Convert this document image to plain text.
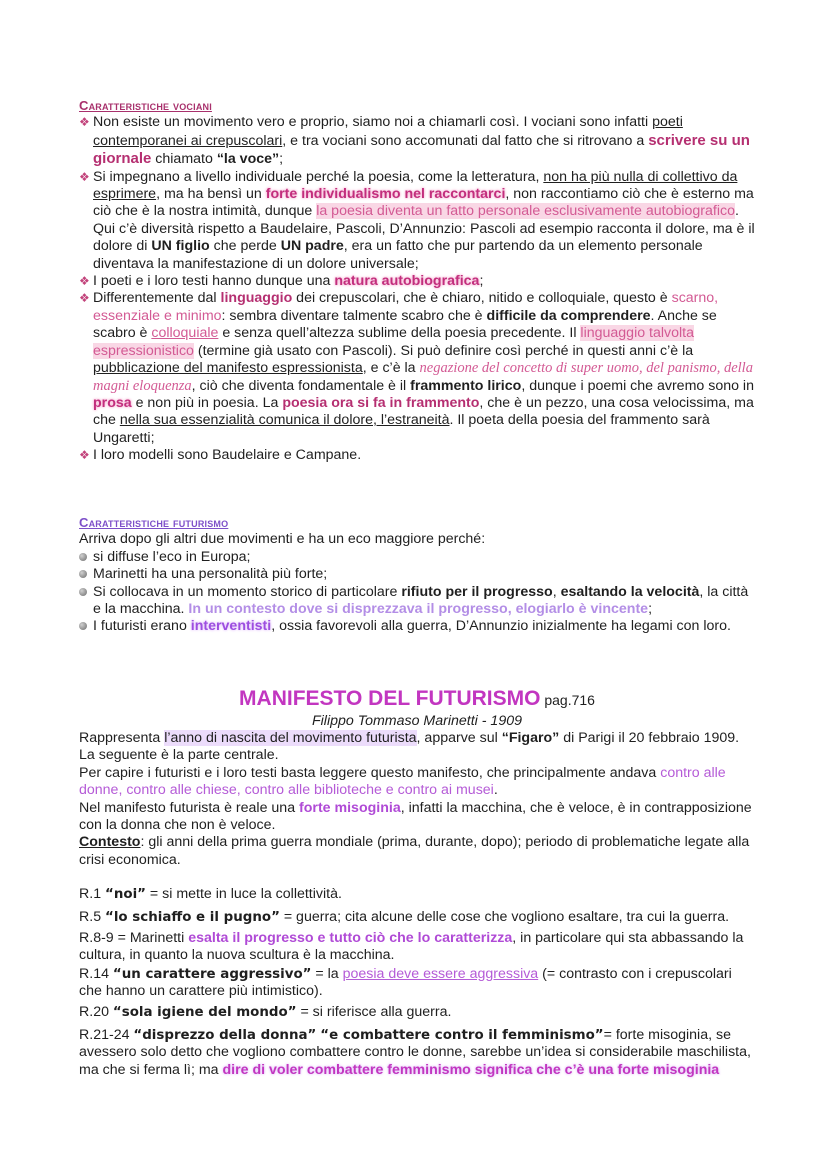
Caratteristiche vociani
❖ Non esiste un movimento vero e proprio, siamo noi a chiamarli così. I vociani sono infatti poeti contemporanei ai crepuscolari, e tra vociani sono accomunati dal fatto che si ritrovano a scrivere su un giornale chiamato “la voce”;
❖ Si impegnano a livello individuale perché la poesia, come la letteratura, non ha più nulla di collettivo da esprimere, ma ha bensì un forte individualismo nel raccontarci, non raccontiamo ciò che è esterno ma ciò che è la nostra intimità, dunque la poesia diventa un fatto personale esclusivamente autobiografico. Qui c’è diversità rispetto a Baudelaire, Pascoli, D’Annunzio: Pascoli ad esempio racconta il dolore, ma è il dolore di UN figlio che perde UN padre, era un fatto che pur partendo da un elemento personale diventava la manifestazione di un dolore universale;
❖ I poeti e i loro testi hanno dunque una natura autobiografica;
❖ Differentemente dal linguaggio dei crepuscolari, che è chiaro, nitido e colloquiale, questo è scarno, essenziale e minimo: sembra diventare talmente scabro che è difficile da comprendere. Anche se scabro è colloquiale e senza quell’altezza sublime della poesia precedente. Il linguaggio talvolta espressionistico (termine già usato con Pascoli). Si può definire così perché in questi anni c’è la pubblicazione del manifesto espressionista, e c’è la negazione del concetto di super uomo, del panismo, della magni eloquenza, ciò che diventa fondamentale è il frammento lirico, dunque i poemi che avremo sono in prosa e non più in poesia. La poesia ora si fa in frammento, che è un pezzo, una cosa velocissima, ma che nella sua essenzialità comunica il dolore, l’estraneità. Il poeta della poesia del frammento sarà Ungaretti;
❖ I loro modelli sono Baudelaire e Campane.
Caratteristiche futurismo
Arriva dopo gli altri due movimenti e ha un eco maggiore perché:
si diffuse l’eco in Europa;
Marinetti ha una personalità più forte;
Si collocava in un momento storico di particolare rifiuto per il progresso, esaltando la velocità, la città e la macchina. In un contesto dove si disprezzava il progresso, elogiarlo è vincente;
I futuristi erano interventisti, ossia favorevoli alla guerra, D’Annunzio inizialmente ha legami con loro.
MANIFESTO DEL FUTURISMO pag.716
Filippo Tommaso Marinetti - 1909
Rappresenta l’anno di nascita del movimento futurista, apparve sul “Figaro” di Parigi il 20 febbraio 1909. La seguente è la parte centrale.
Per capire i futuristi e i loro testi basta leggere questo manifesto, che principalmente andava contro alle donne, contro alle chiese, contro alle biblioteche e contro ai musei.
Nel manifesto futurista è reale una forte misoginia, infatti la macchina, che è veloce, è in contrapposizione con la donna che non è veloce.
Contesto: gli anni della prima guerra mondiale (prima, durante, dopo); periodo di problematiche legate alla crisi economica.
R.1 “noi” = si mette in luce la collettività.
R.5 “lo schiaffo e il pugno” = guerra; cita alcune delle cose che vogliono esaltare, tra cui la guerra.
R.8-9 = Marinetti esalta il progresso e tutto ciò che lo caratterizza, in particolare qui sta abbassando la cultura, in quanto la nuova scultura è la macchina.
R.14 “un carattere aggressivo” = la poesia deve essere aggressiva (= contrasto con i crepuscolari che hanno un carattere più intimistico).
R.20 “sola igiene del mondo” = si riferisce alla guerra.
R.21-24 “disprezzo della donna” “e combattere contro il femminismo”= forte misoginia, se avessero solo detto che vogliono combattere contro le donne, sarebbe un’idea si considerabile maschilista, ma che si ferma lì; ma dire di voler combattere femminismo significa che c’è una forte misoginia
